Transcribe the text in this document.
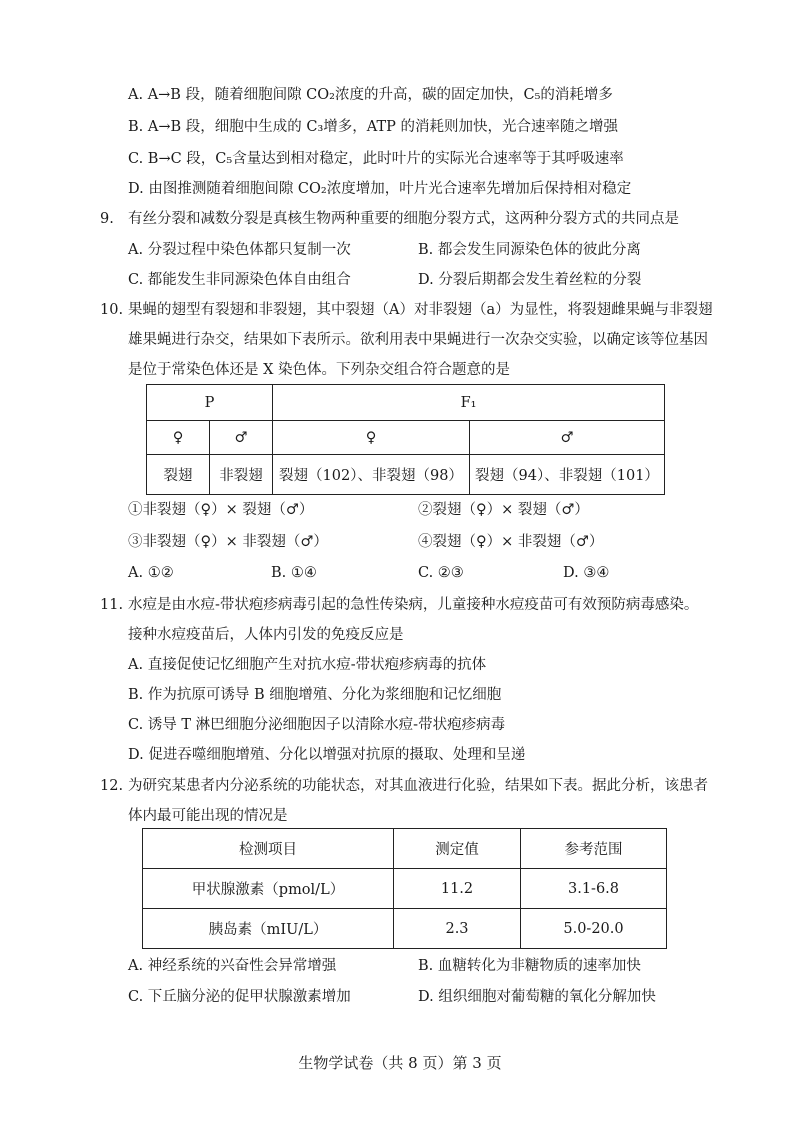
A. A→B 段，随着细胞间隙 CO₂浓度的升高，碳的固定加快，C₅的消耗增多
B. A→B 段，细胞中生成的 C₃增多，ATP 的消耗则加快，光合速率随之增强
C. B→C 段，C₅含量达到相对稳定，此时叶片的实际光合速率等于其呼吸速率
D. 由图推测随着细胞间隙 CO₂浓度增加，叶片光合速率先增加后保持相对稳定
9. 有丝分裂和减数分裂是真核生物两种重要的细胞分裂方式，这两种分裂方式的共同点是
A. 分裂过程中染色体都只复制一次	B. 都会发生同源染色体的彼此分离
C. 都能发生非同源染色体自由组合	D. 分裂后期都会发生着丝粒的分裂
10. 果蝇的翅型有裂翅和非裂翅，其中裂翅（A）对非裂翅（a）为显性，将裂翅雌果蝇与非裂翅
雄果蝇进行杂交，结果如下表所示。欲利用表中果蝇进行一次杂交实验，以确定该等位基因
是位于常染色体还是 X 染色体。下列杂交组合符合题意的是
P		F₁	
♀	♂	♀	♂
裂翅	非裂翅	裂翅（102）、非裂翅（98）	裂翅（94）、非裂翅（101）
①非裂翅（♀）× 裂翅（♂）	②裂翅（♀）× 裂翅（♂）
③非裂翅（♀）× 非裂翅（♂）	④裂翅（♀）× 非裂翅（♂）
A. ①②	B. ①④	C. ②③	D. ③④
11. 水痘是由水痘-带状疱疹病毒引起的急性传染病，儿童接种水痘疫苗可有效预防病毒感染。
接种水痘疫苗后，人体内引发的免疫反应是
A. 直接促使记忆细胞产生对抗水痘-带状疱疹病毒的抗体
B. 作为抗原可诱导 B 细胞增殖、分化为浆细胞和记忆细胞
C. 诱导 T 淋巴细胞分泌细胞因子以清除水痘-带状疱疹病毒
D. 促进吞噬细胞增殖、分化以增强对抗原的摄取、处理和呈递
12. 为研究某患者内分泌系统的功能状态，对其血液进行化验，结果如下表。据此分析，该患者
体内最可能出现的情况是
检测项目	测定值	参考范围
甲状腺激素（pmol/L）	11.2	3.1-6.8
胰岛素（mIU/L）	2.3	5.0-20.0
A. 神经系统的兴奋性会异常增强	B. 血糖转化为非糖物质的速率加快
C. 下丘脑分泌的促甲状腺激素增加	D. 组织细胞对葡萄糖的氧化分解加快
生物学试卷（共 8 页）第 3 页
